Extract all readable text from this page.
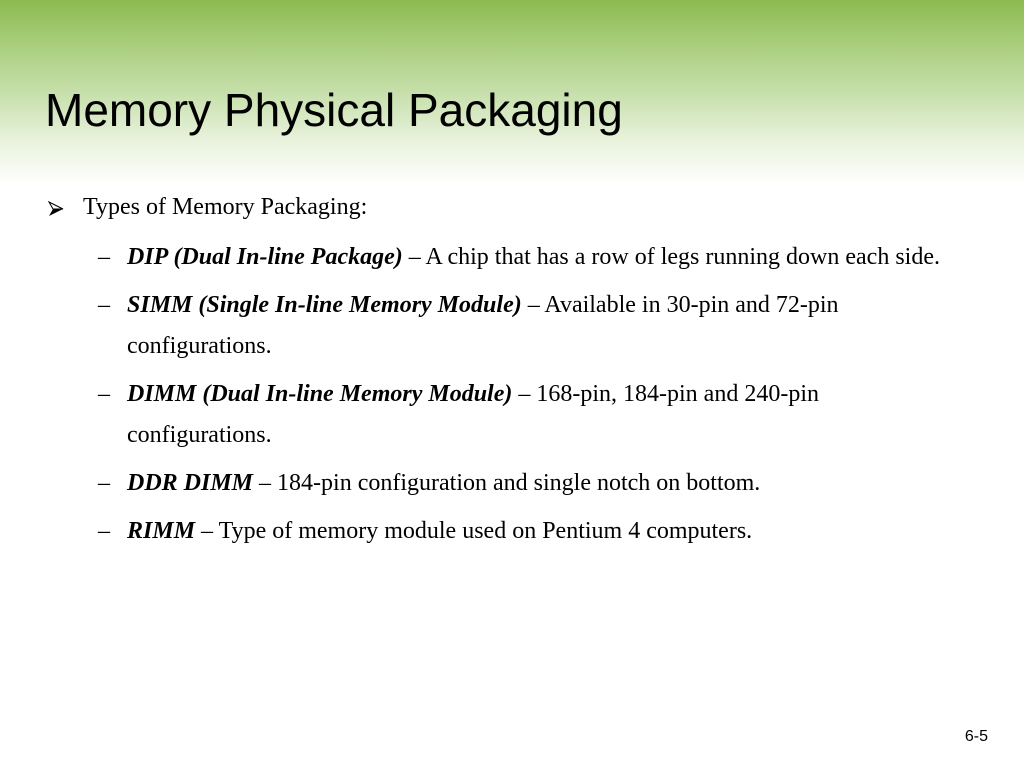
Memory Physical Packaging
Types of Memory Packaging:
– DIP (Dual In-line Package) – A chip that has a row of legs running down each side.
– SIMM (Single In-line Memory Module) – Available in 30-pin and 72-pin configurations.
– DIMM (Dual In-line Memory Module) – 168-pin, 184-pin and 240-pin configurations.
– DDR DIMM – 184-pin configuration and single notch on bottom.
– RIMM – Type of memory module used on Pentium 4 computers.
6-5
